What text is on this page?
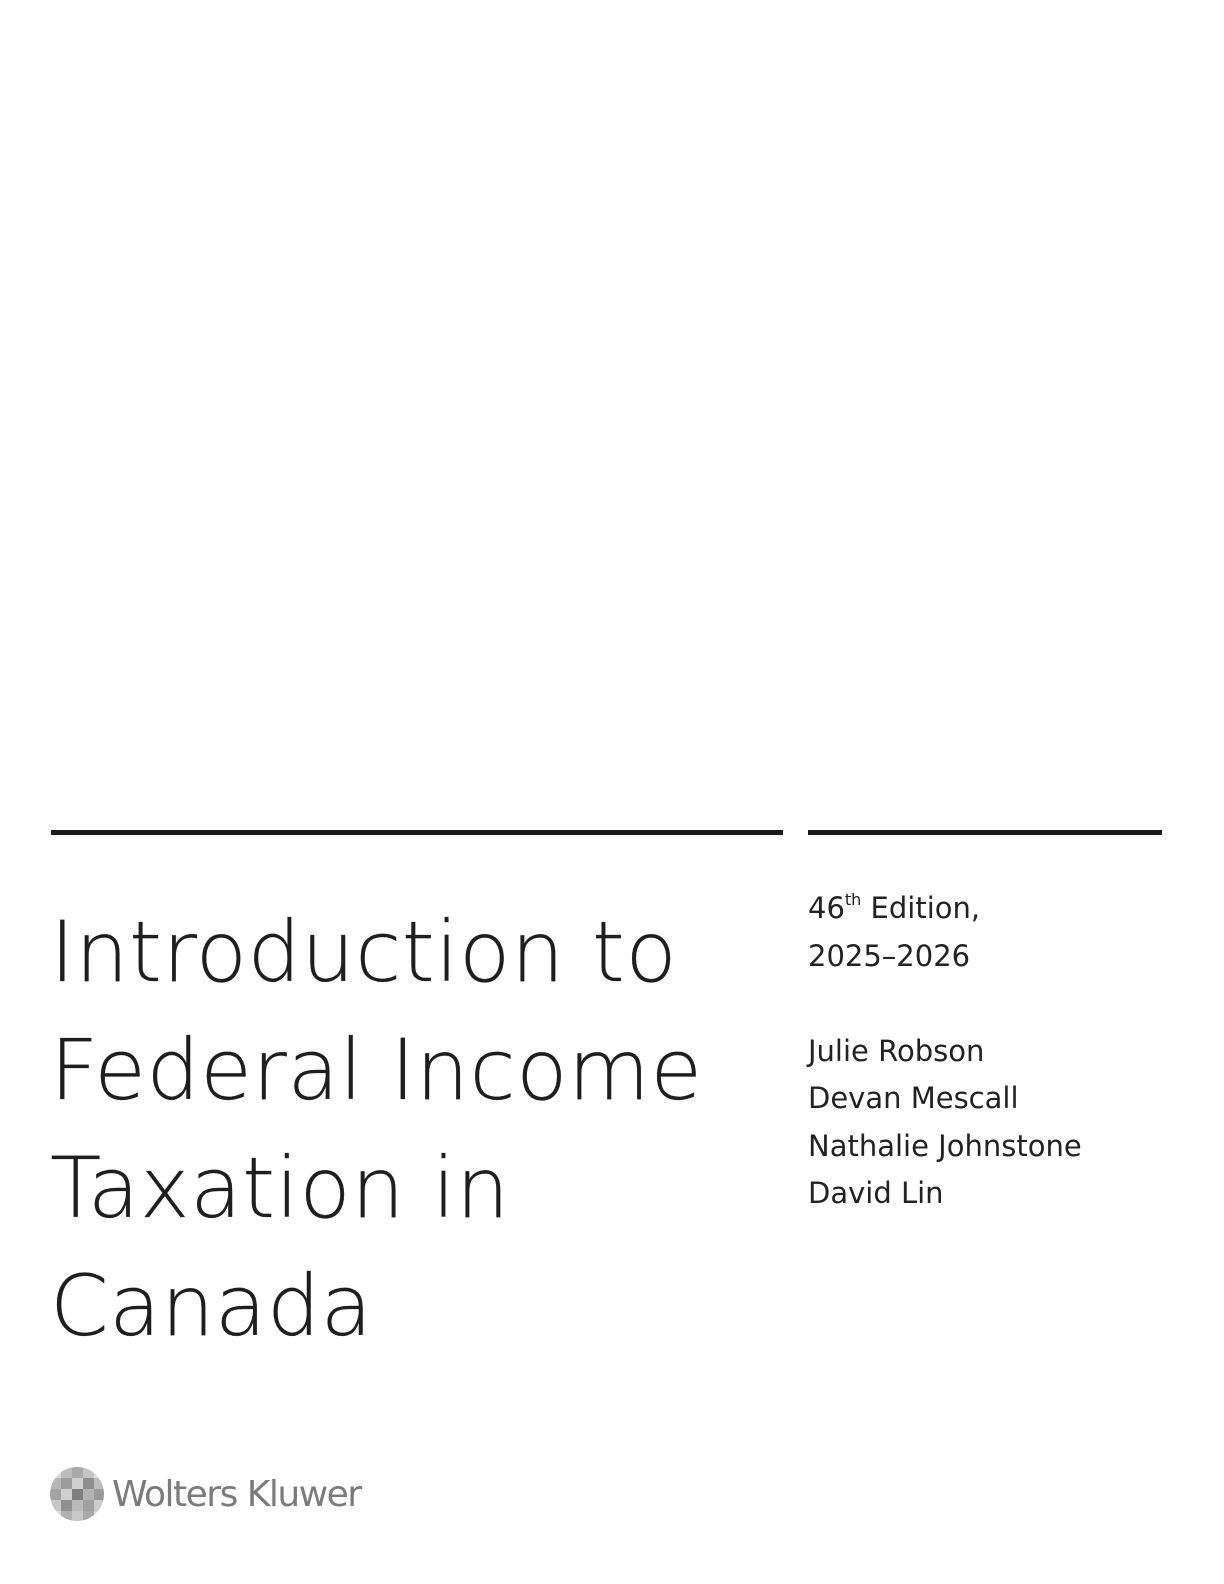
Introduction to
Federal Income
Taxation in
Canada
46th Edition,
2025–2026
Julie Robson
Devan Mescall
Nathalie Johnstone
David Lin
Wolters Kluwer
